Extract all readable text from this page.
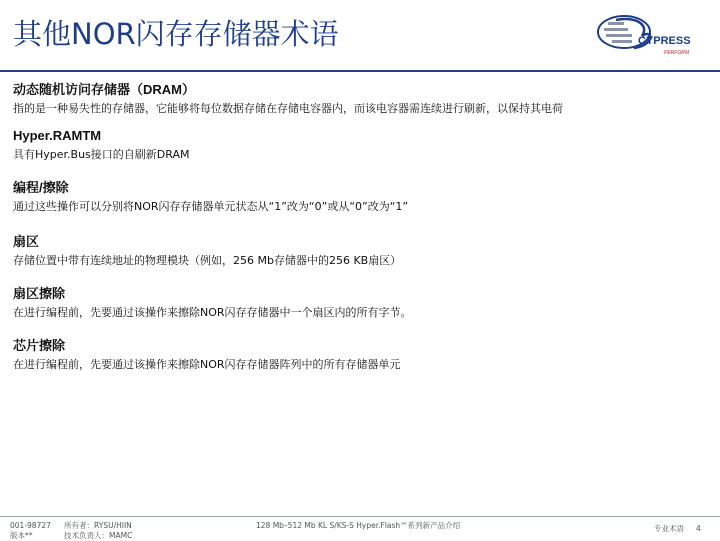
其他NOR闪存存储器术语	CYPRESS
PERFORM
动态随机访问存储器（DRAM）
指的是一种易失性的存储器，它能够将每位数据存储在存储电容器内，而该电容器需连续进行刷新，以保持其电荷
Hyper.RAMTM
具有Hyper.Bus接口的自刷新DRAM
编程/擦除
通过这些操作可以分别将NOR闪存存储器单元状态从“1”改为“0”或从“0”改为“1”
扇区
存储位置中带有连续地址的物理模块（例如，256 Mb存储器中的256 KB扇区）
扇区擦除
在进行编程前，先要通过该操作来擦除NOR闪存存储器中一个扇区内的所有字节。
芯片擦除
在进行编程前，先要通过该操作来擦除NOR闪存存储器阵列中的所有存储器单元
001-98727
版本**
所有者：RYSU/HIIN
技术负责人：MAMC
128 Mb–512 Mb KL S/KS-S Hyper.Flash™系列新产品介绍	专业术语 4
